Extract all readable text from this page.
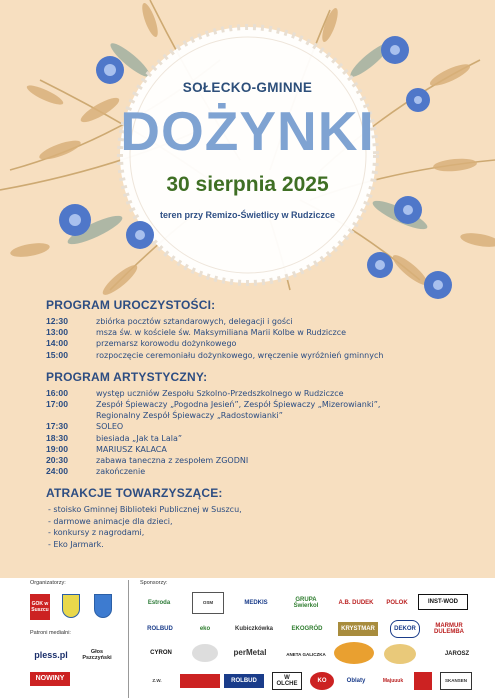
SOŁECKO-GMINNE
DOŻYNKI
30 sierpnia 2025
teren przy Remizo-Świetlicy w Rudziczce
PROGRAM UROCZYSTOŚCI:
12:30	zbiórka pocztów sztandarowych, delegacji i gości
13:00	msza św. w kościele św. Maksymiliana Marii Kolbe w Rudziczce
14:00	przemarsz korowodu dożynkowego
15:00	rozpoczęcie ceremoniału dożynkowego, wręczenie wyróżnień gminnych
PROGRAM ARTYSTYCZNY:
16:00	występ uczniów Zespołu Szkolno-Przedszkolnego w Rudziczce
17:00	Zespół Śpiewaczy „Pogodna Jesień”, Zespół Śpiewaczy „Mizerowianki”,
Regionalny Zespół Śpiewaczy „Radostowianki”
17:30	SOLEO
18:30	biesiada „Jak ta Lala”
19:00	MARIUSZ KALACA
20:30	zabawa taneczna z zespołem ZGODNI
24:00	zakończenie
ATRAKCJE TOWARZYSZĄCE:
- stoisko Gminnej Biblioteki Publicznej w Suszcu,
- darmowe animacje dla dzieci,
- konkursy z nagrodami,
- Eko Jarmark.
Organizatorzy:
Patroni medialni:
Sponsorzy:
GOK w Suszcu
pless.pl	Głos Pszczyński
NOWINY
Estroda	OSM	MEDKIS
GRUPA Świerkol
A.B. DUDEK	POLOK	INST-WOD
ROLBUD	eko	Kubiczkówka	EKOGRÓD	KRYSTMAR	DEKOR
MARMUR DULEMBA
CYRON	perMetal	ANETA GALICZKA	JAROSZ
Z.W.	ROLBUD
W OLCHE
KO	Oblaty	Majuuuk	SKANSEN
